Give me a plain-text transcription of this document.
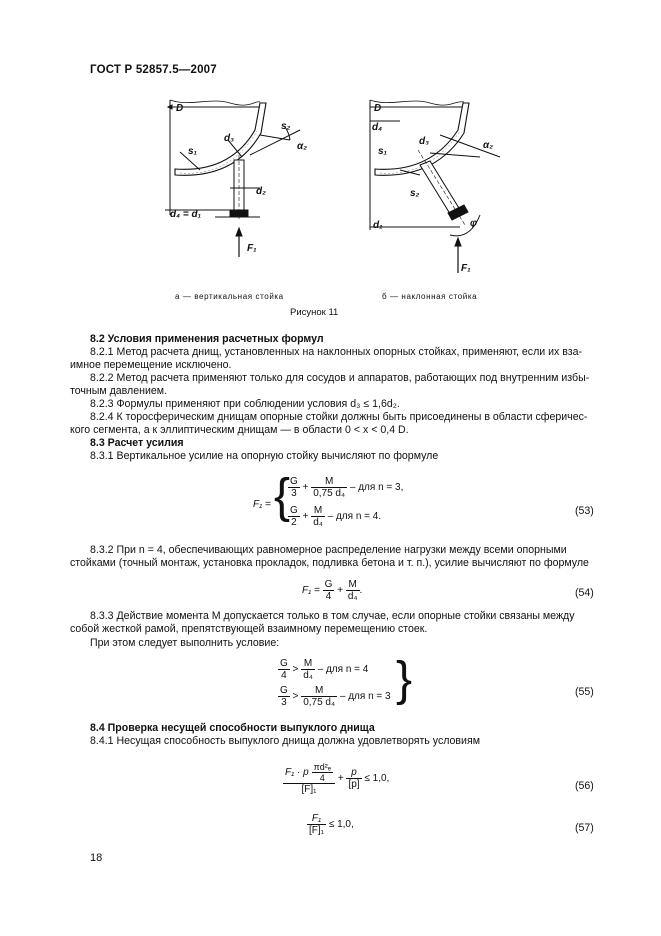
ГОСТ Р 52857.5—2007
D
s₁
d₃
s₂
α₂
d₂
d₄ = d₁
F₁
D
d₄
s₁
d₃	α₂
s₂
d₁	φ
F₁
а — вертикальная стойка	б — наклонная стойка
Рисунок 11
8.2 Условия применения расчетных формул
8.2.1 Метод расчета днищ, установленных на наклонных опорных стойках, применяют, если их вза-
имное перемещение исключено.
8.2.2 Метод расчета применяют только для сосудов и аппаратов, работающих под внутренним избы-
точным давлением.
8.2.3 Формулы применяют при соблюдении условия d₃ ≤ 1,6d₂.
8.2.4 К торосферическим днищам опорные стойки должны быть присоединены в области сферичес-
кого сегмента, а к эллиптическим днищам — в области 0 < x < 0,4 D.
8.3 Расчет усилия
8.3.1 Вертикальное усилие на опорную стойку вычисляют по формуле
F₁ = {
$\frac{G}{3} + \frac{M}{\text{0,75 d₄}}$ – для n = 3,
$\frac{G}{2} + \frac{M}{\text{d₄}}$ – для n = 4.	(53)
8.3.2 При n = 4, обеспечивающих равномерное распределение нагрузки между всеми опорными
стойками (точный монтаж, установка прокладок, подливка бетона и т. п.), усилие вычисляют по формуле
$F_1 = \frac{G}{4} + \frac{M}{\text{d₄}}$ .	(54)
8.3.3 Действие момента M допускается только в том случае, если опорные стойки связаны между
собой жесткой рамой, препятствующей взаимному перемещению стоек.
При этом следует выполнить условие:
$\frac{G}{4} > \frac{M}{\text{d₄}}$ – для n = 4
$\frac{G}{3} > \frac{M}{\text{0,75 d₄}}$ – для n = 3 }	(55)
8.4 Проверка несущей способности выпуклого днища
8.4.1 Несущая способность выпуклого днища должна удовлетворять условиям
$\frac{F_1 \cdot p \frac{\text{πd²ₑ}}{4}}{\text{[F]₁}} + \frac{p}{[p]} \le 1,0$,
(56)
$\frac{\text{F₁}}{\text{[F]₁}} \le 1,0$,	(57)
18
